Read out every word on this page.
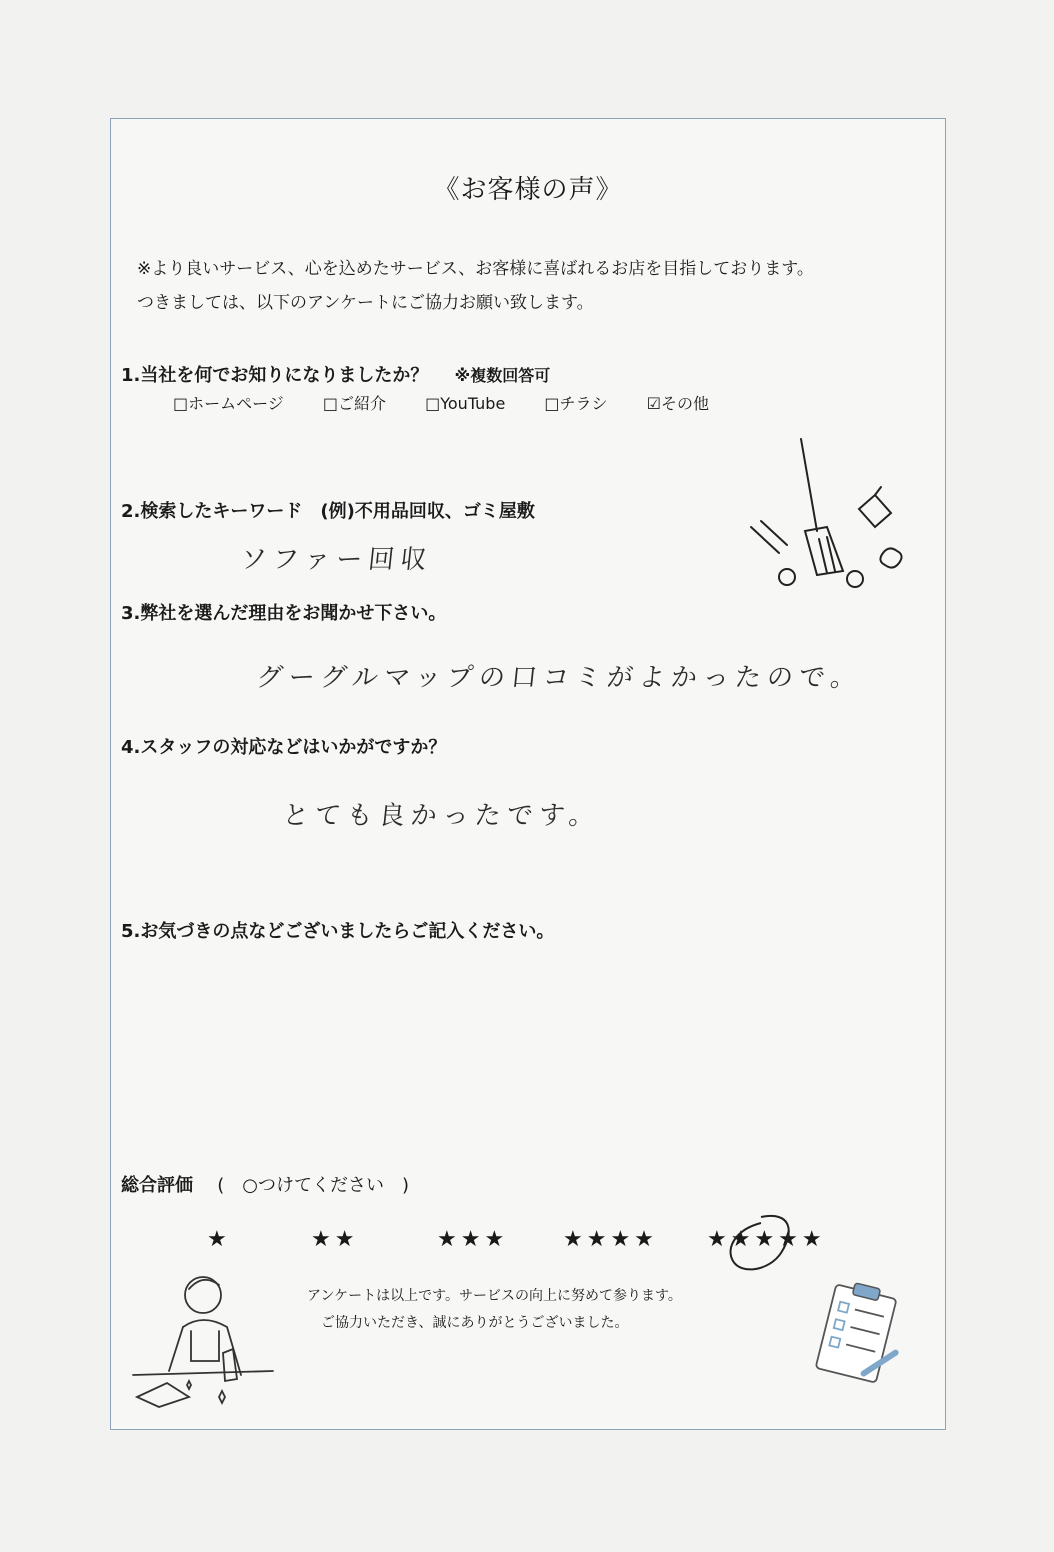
《お客様の声》
※より良いサービス、心を込めたサービス、お客様に喜ばれるお店を目指しております。
つきましては、以下のアンケートにご協力お願い致します。
1.当社を何でお知りになりましたか？ ※複数回答可
□ホームページ □ご紹介 □YouTube □チラシ ☑その他
2.検索したキーワード　(例)不用品回収、ゴミ屋敷
ソファー回収
3.弊社を選んだ理由をお聞かせ下さい。
グーグルマップの口コミがよかったので。
4.スタッフの対応などはいかがですか？
とても良かったです。
5.お気づきの点などございましたらご記入ください。
総合評価 (　○つけてください　)
★	★★	★★★ ★★★★ ★★★★★
アンケートは以上です。サービスの向上に努めて参ります。
ご協力いただき、誠にありがとうございました。
